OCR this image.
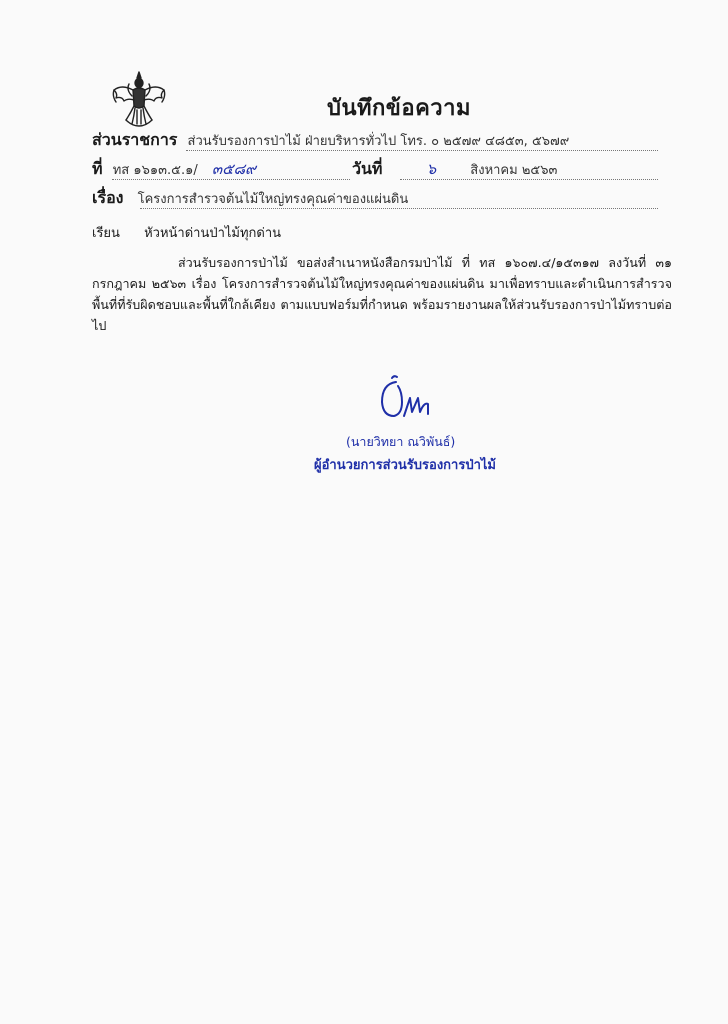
บันทึกข้อความ
ส่วนราชการ ส่วนรับรองการป่าไม้ ฝ่ายบริหารทั่วไป โทร. ๐ ๒๕๗๙ ๔๘๕๓, ๕๖๗๙
ที่ ทส ๑๖๑๓.๕.๑/ ๓๕๘๙	วันที่	๖	สิงหาคม ๒๕๖๓
เรื่อง โครงการสำรวจต้นไม้ใหญ่ทรงคุณค่าของแผ่นดิน
เรียน หัวหน้าด่านป่าไม้ทุกด่าน

ส่วนรับรองการป่าไม้ ขอส่งสำเนาหนังสือกรมป่าไม้ ที่ ทส ๑๖๐๗.๔/๑๕๓๑๗ ลงวันที่ ๓๑ กรกฎาคม ๒๕๖๓ เรื่อง โครงการสำรวจต้นไม้ใหญ่ทรงคุณค่าของแผ่นดิน มาเพื่อทราบและดำเนินการสำรวจพื้นที่ที่รับผิดชอบและพื้นที่ใกล้เคียง ตามแบบฟอร์มที่กำหนด พร้อมรายงานผลให้ส่วนรับรองการป่าไม้ทราบต่อไป

(นายวิทยา ณวิพันธ์)
ผู้อำนวยการส่วนรับรองการป่าไม้
